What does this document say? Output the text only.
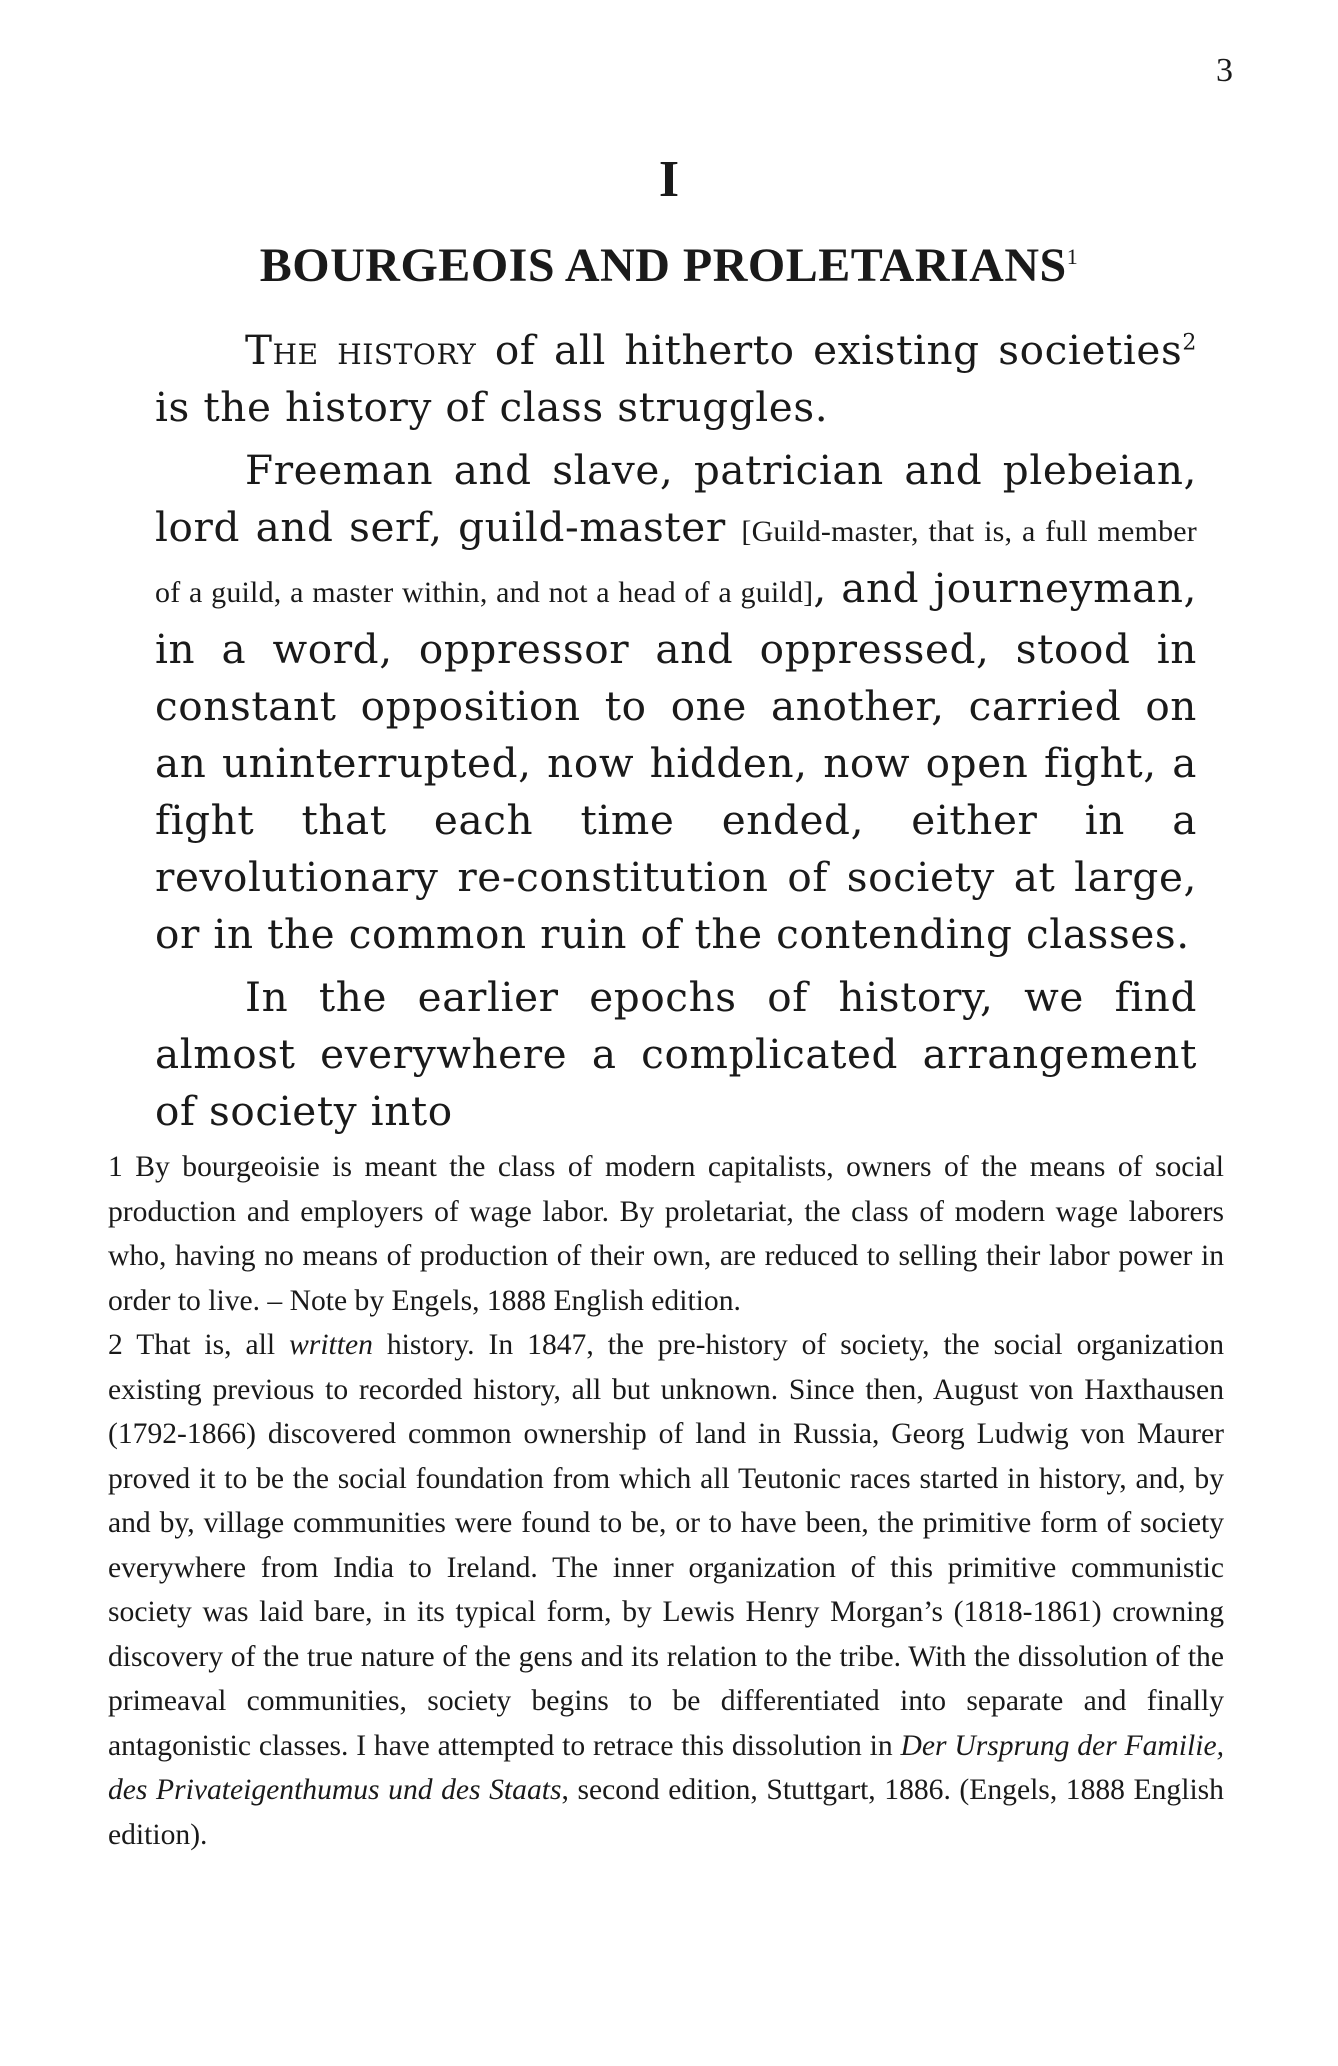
3
I
BOURGEOIS AND PROLETARIANS$^1$

The history of all hitherto existing societies$^2$ is the history of class struggles.

Freeman and slave, patrician and plebeian, lord and serf, guild-master [Guild-master, that is, a full member of a guild, a master within, and not a head of a guild], and journeyman, in a word, oppressor and oppressed, stood in constant opposition to one another, carried on an uninterrupted, now hidden, now open fight, a fight that each time ended, either in a revolutionary re-constitution of society at large, or in the common ruin of the contending classes.

In the earlier epochs of history, we find almost everywhere a complicated arrangement of society into

1 By bourgeoisie is meant the class of modern capitalists, owners of the means of social production and employers of wage labor. By proletariat, the class of modern wage laborers who, having no means of production of their own, are reduced to selling their labor power in order to live. – Note by Engels, 1888 English edition.

2 That is, all written history. In 1847, the pre-history of society, the social organization existing previous to recorded history, all but unknown. Since then, August von Haxthausen (1792-1866) discovered common ownership of land in Russia, Georg Ludwig von Maurer proved it to be the social foundation from which all Teutonic races started in history, and, by and by, village communities were found to be, or to have been, the primitive form of society everywhere from India to Ireland. The inner organization of this primitive communistic society was laid bare, in its typical form, by Lewis Henry Morgan’s (1818-1861) crowning discovery of the true nature of the gens and its relation to the tribe. With the dissolution of the primeaval communities, society begins to be differentiated into separate and finally antagonistic classes. I have attempted to retrace this dissolution in Der Ursprung der Familie, des Privateigenthumus und des Staats, second edition, Stuttgart, 1886. (Engels, 1888 English edition).
